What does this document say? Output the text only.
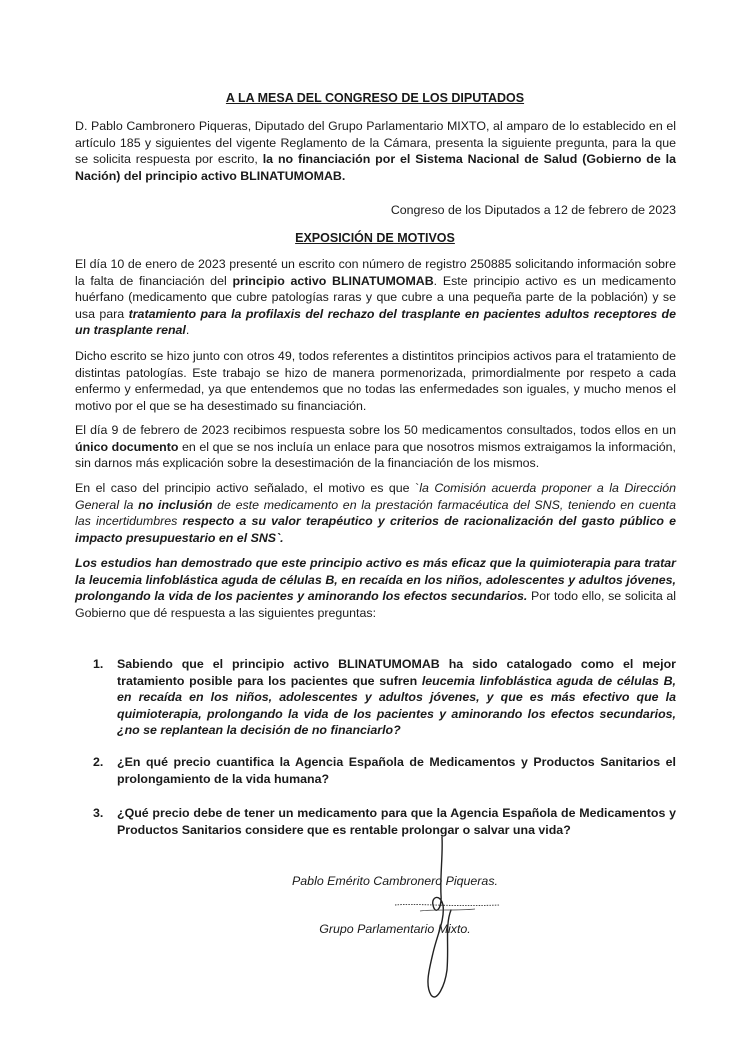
A LA MESA DEL CONGRESO DE LOS DIPUTADOS
D. Pablo Cambronero Piqueras, Diputado del Grupo Parlamentario MIXTO, al amparo de lo establecido en el artículo 185 y siguientes del vigente Reglamento de la Cámara, presenta la siguiente pregunta, para la que se solicita respuesta por escrito, la no financiación por el Sistema Nacional de Salud (Gobierno de la Nación) del principio activo BLINATUMOMAB.
Congreso de los Diputados a 12 de febrero de 2023
EXPOSICIÓN DE MOTIVOS
El día 10 de enero de 2023 presenté un escrito con número de registro 250885 solicitando información sobre la falta de financiación del principio activo BLINATUMOMAB. Este principio activo es un medicamento huérfano (medicamento que cubre patologías raras y que cubre a una pequeña parte de la población) y se usa para tratamiento para la profilaxis del rechazo del trasplante en pacientes adultos receptores de un trasplante renal.
Dicho escrito se hizo junto con otros 49, todos referentes a distintitos principios activos para el tratamiento de distintas patologías. Este trabajo se hizo de manera pormenorizada, primordialmente por respeto a cada enfermo y enfermedad, ya que entendemos que no todas las enfermedades son iguales, y mucho menos el motivo por el que se ha desestimado su financiación.
El día 9 de febrero de 2023 recibimos respuesta sobre los 50 medicamentos consultados, todos ellos en un único documento en el que se nos incluía un enlace para que nosotros mismos extraigamos la información, sin darnos más explicación sobre la desestimación de la financiación de los mismos.
En el caso del principio activo señalado, el motivo es que `la Comisión acuerda proponer a la Dirección General la no inclusión de este medicamento en la prestación farmacéutica del SNS, teniendo en cuenta las incertidumbres respecto a su valor terapéutico y criterios de racionalización del gasto público e impacto presupuestario en el SNS`.
Los estudios han demostrado que este principio activo es más eficaz que la quimioterapia para tratar la leucemia linfoblástica aguda de células B, en recaída en los niños, adolescentes y adultos jóvenes, prolongando la vida de los pacientes y aminorando los efectos secundarios. Por todo ello, se solicita al Gobierno que dé respuesta a las siguientes preguntas:
1.	Sabiendo que el principio activo BLINATUMOMAB ha sido catalogado como el mejor tratamiento posible para los pacientes que sufren leucemia linfoblástica aguda de células B, en recaída en los niños, adolescentes y adultos jóvenes, y que es más efectivo que la quimioterapia, prolongando la vida de los pacientes y aminorando los efectos secundarios, ¿no se replantean la decisión de no financiarlo?
2.	¿En qué precio cuantifica la Agencia Española de Medicamentos y Productos Sanitarios el prolongamiento de la vida humana?
3.	¿Qué precio debe de tener un medicamento para que la Agencia Española de Medicamentos y Productos Sanitarios considere que es rentable prolongar o salvar una vida?
Pablo Emérito Cambronero Piqueras.
Grupo Parlamentario Mixto.
